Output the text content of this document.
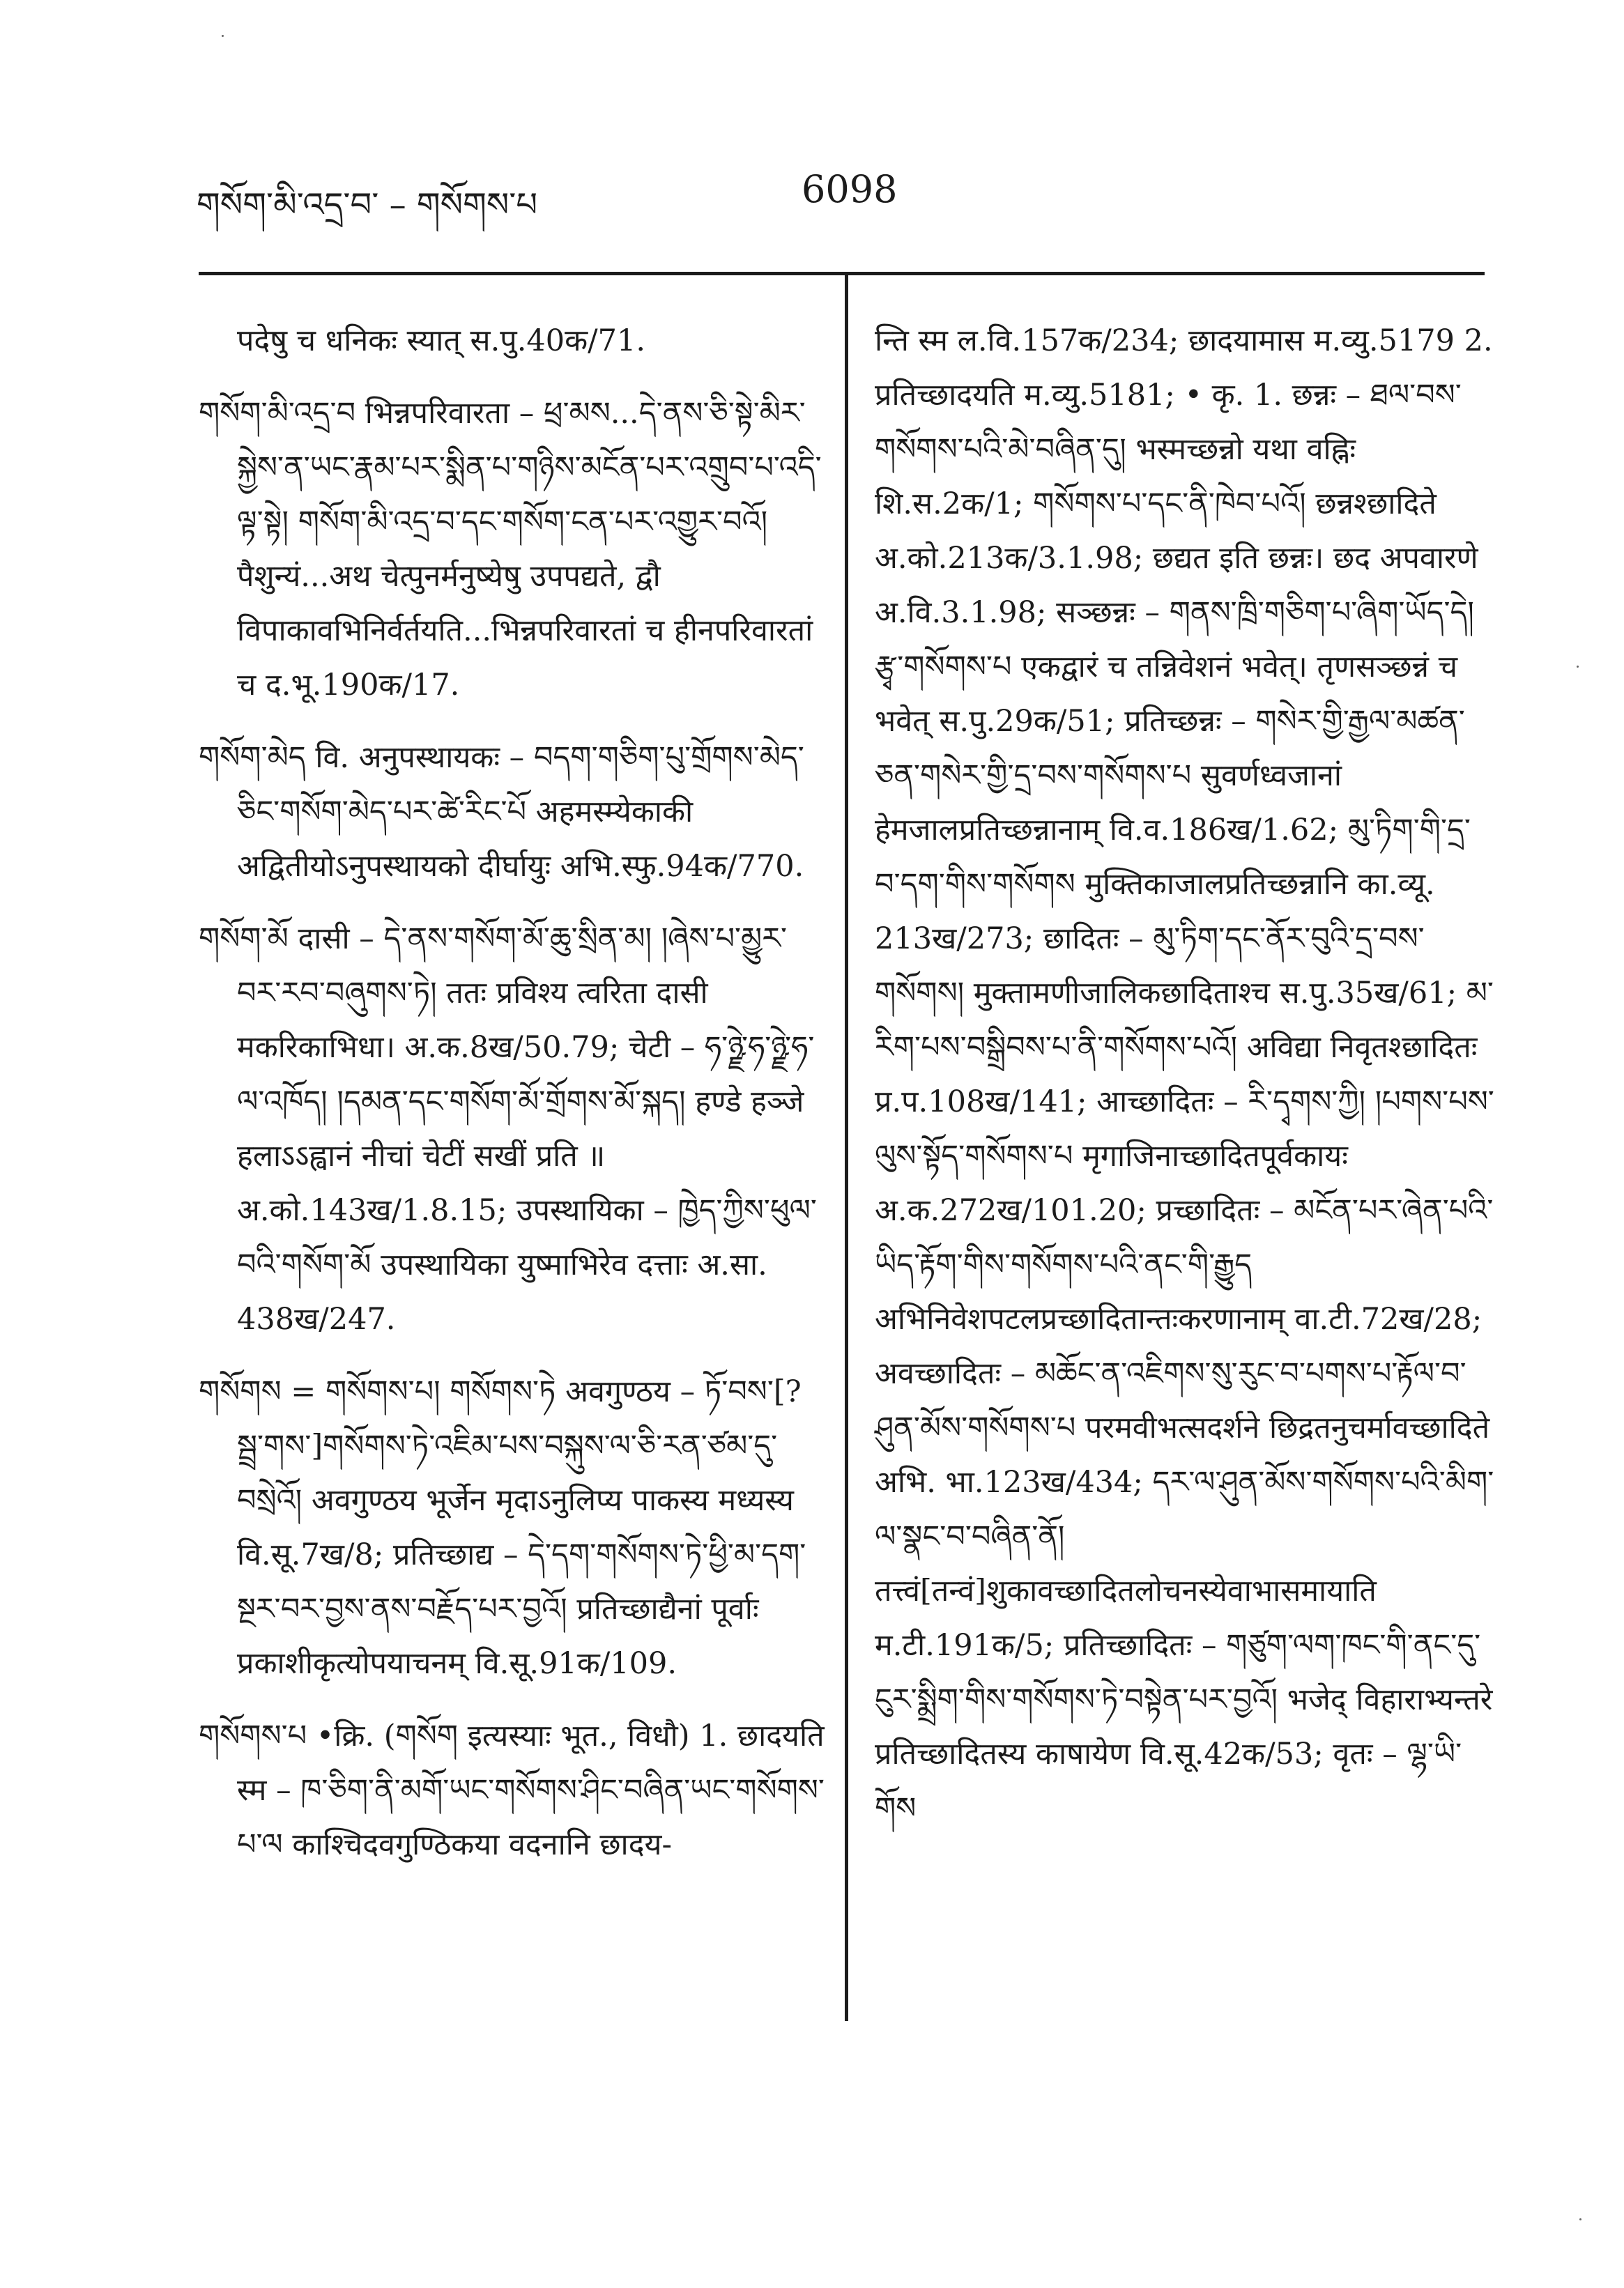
གསོག་མི་འདྲ་བ་ – གསོགས་པ	6098

पदेषु च धनिकः स्यात् स.पु.40क/71.

གསོག་མི་འདྲ་བ भिन्नपरिवारता – ཕྲ་མས...དེ་ནས་ཅི་སྟེ་མིར་སྐྱེས་ན་ཡང་རྣམ་པར་སྨིན་པ་གཉིས་མངོན་པར་འགྲུབ་པ་འདི་ལྟ་སྟེ། གསོག་མི་འདྲ་བ་དང་གསོག་ངན་པར་འགྱུར་བའོ། पैशुन्यं...अथ चेत्पुनर्मनुष्येषु उपपद्यते, द्वौ विपाकावभिनिर्वर्तयति...भिन्नपरिवारतां च हीनपरिवारतां च द.भू.190क/17.

གསོག་མེད वि. अनुपस्थायकः – བདག་གཅིག་པུ་གྲོགས་མེད་ཅིང་གསོག་མེད་པར་ཚེ་རིང་པོ अहमस्म्येकाकी अद्वितीयोऽनुपस्थायको दीर्घायुः अभि.स्फु.94क/770.

གསོག་མོ दासी – དེ་ནས་གསོག་མོ་ཆུ་སྲིན་མ། །ཞེས་པ་མྱུར་བར་རབ་བཞུགས་ཏེ། ततः प्रविश्य त्वरिता दासी मकरिकाभिधा। अ.क.8ख/50.79; चेटी – ཧ་ཉྫེ་ཧ་ཉྫེ་ཧ་ལ་འཁོད། །དམན་དང་གསོག་མོ་གྲོགས་མོ་སྐད། हण्डे हञ्जे हलाऽऽह्वानं नीचां चेटीं सखीं प्रति ॥ अ.को.143ख/1.8.15; उपस्थायिका – ཁྱེད་ཀྱིས་ཕུལ་བའི་གསོག་མོ उपस्थायिका युष्माभिरेव दत्ताः अ.सा. 438ख/247.

གསོགས = གསོགས་པ། གསོགས་ཏེ अवगुण्ठय – ཏོ་བས་[?སྦྲ་གས་]གསོགས་ཏེ་འཇིམ་པས་བསྐུས་ལ་ཅི་རན་ཙམ་དུ་བསྲེའོ། अवगुण्ठय भूर्जेन मृदाऽनुलिप्य पाकस्य मध्यस्य वि.सू.7ख/8; प्रतिच्छाद्य – དེ་དག་གསོགས་ཏེ་ཕྱི་མ་དག་སྔར་བར་བྱས་ནས་བརྗོད་པར་བྱའོ། प्रतिच्छाद्यैनां पूर्वाः प्रकाशीकृत्योपयाचनम् वि.सू.91क/109.

གསོགས་པ •क्रि. (གསོག इत्यस्याः भूत., विधौ) 1. छादयति स्म – ཁ་ཅིག་ནི་མགོ་ཡང་གསོགས་ཤིང་བཞིན་ཡང་གསོགས་པ་ལ काश्चिदवगुण्ठिकया वदनानि छादय-

न्ति स्म ल.वि.157क/234; छादयामास म.व्यु.5179 2. प्रतिच्छादयति म.व्यु.5181; • कृ. 1. छन्नः – ཐལ་བས་གསོགས་པའི་མེ་བཞིན་དུ། भस्मच्छन्नो यथा वह्निः शि.स.2क/1; གསོགས་པ་དང་ནི་ཁེབ་པའོ། छन्नश्छादिते अ.को.213क/3.1.98; छद्यत इति छन्नः। छद अपवारणे अ.वि.3.1.98; सञ्छन्नः – གནས་ཁྲི་གཅིག་པ་ཞིག་ཡོད་དེ། རྩྭ་གསོགས་པ एकद्वारं च तन्निवेशनं भवेत्। तृणसञ्छन्नं च भवेत् स.पु.29क/51; प्रतिच्छन्नः – གསེར་གྱི་རྒྱལ་མཚན་ཅན་གསེར་གྱི་དྲ་བས་གསོགས་པ सुवर्णध्वजानां हेमजालप्रतिच्छन्नानाम् वि.व.186ख/1.62; མུ་ཏིག་གི་དྲ་བ་དག་གིས་གསོགས मुक्तिकाजालप्रतिच्छन्नानि का.व्यू. 213ख/273; छादितः – མུ་ཏིག་དང་ནོར་བུའི་དྲ་བས་གསོགས། मुक्तामणीजालिकछादिताश्च स.पु.35ख/61; མ་རིག་པས་བསྒྲིབས་པ་ནི་གསོགས་པའོ། अविद्या निवृतश्छादितः प्र.प.108ख/141; आच्छादितः – རི་དྭགས་ཀྱི། །པགས་པས་ལུས་སྟོད་གསོགས་པ मृगाजिनाच्छादितपूर्वकायः अ.क.272ख/101.20; प्रच्छादितः – མངོན་པར་ཞེན་པའི་ཡིད་རྟོག་གིས་གསོགས་པའི་ནང་གི་རྒྱུད अभिनिवेशपटलप्रच्छादितान्तःकरणानाम् वा.टी.72ख/28; अवच्छादितः – མཆོང་ན་འཇིགས་སུ་རུང་བ་པགས་པ་རྟོལ་བ་ཤུན་མོས་གསོགས་པ परमवीभत्सदर्शने छिद्रतनुचर्मावच्छादिते अभि. भा.123ख/434; དར་ལ་ཤུན་མོས་གསོགས་པའི་མིག་ལ་སྣང་བ་བཞིན་ནོ། तत्त्वं[तन्वं]शुकावच्छादितलोचनस्येवाभासमायाति म.टी.191क/5; प्रतिच्छादितः – གཙུག་ལག་ཁང་གི་ནང་དུ་ངུར་སྨྲིག་གིས་གསོགས་ཏེ་བསྟེན་པར་བྱའོ། भजेद् विहाराभ्यन्तरे प्रतिच्छादितस्य काषायेण वि.सू.42क/53; वृतः – ལྷ་ཡི་གོས
